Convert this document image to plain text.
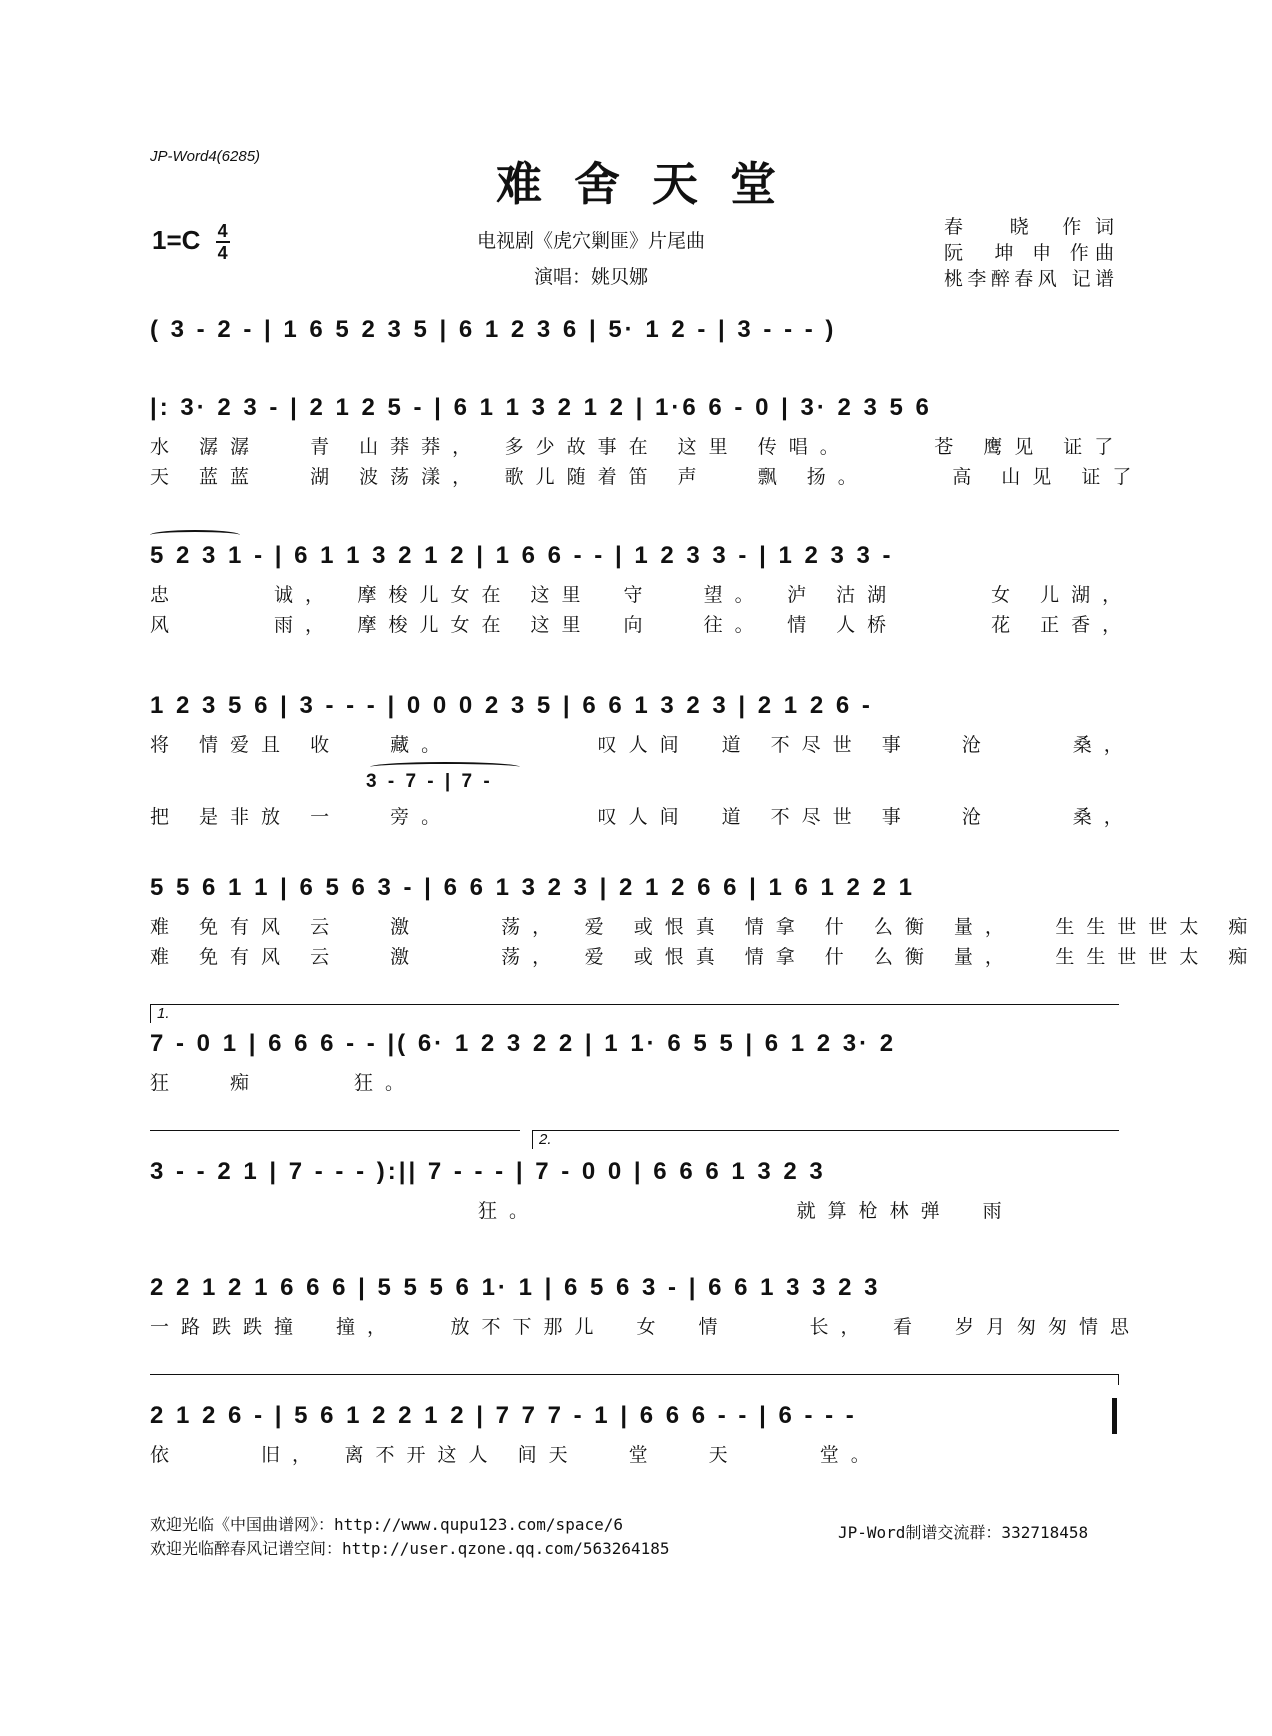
JP-Word4(6285)
难舍天堂
$1=C \frac{4}{4}$	电视剧《虎穴剿匪》片尾曲
演唱：姚贝娜
春　晓 作词
阮　坤 申 作曲
桃李醉春风 记谱
( 3 - 2 - | 1 6 5 2 3 5 | 6 1 2 3 6 | 5· 1 2 - | 3 - - - )
|: 3· 2 3 - | 2 1 2 5 - | 6 1 1 3 2 1 2 | 1·6 6 - 0 | 3· 2 3 5 6
水 潺潺　 青 山莽莽，　多少故事在 这里 传唱。　　　苍 鹰见 证了
天 蓝蓝　 湖 波荡漾，　歌儿随着笛 声　 飘 扬。　　　高 山见 证了
5 2 3 1 - | 6 1 1 3 2 1 2 | 1 6 6 - - | 1 2 3 3 - | 1 2 3 3 -
忠　　　诚，　摩梭儿女在 这里　守　 望。　泸 沽湖　　　女 儿湖，
风　　　雨，　摩梭儿女在 这里　向　 往。　情 人桥　　　花 正香，
1 2 3 5 6 | 3 - - - | 0 0 0 2 3 5 | 6 6 1 3 2 3 | 2 1 2 6 -
将 情爱且 收　 藏。　　　　　叹人间　道 不尽世 事　 沧　　 桑，
3 - 7 - | 7 -
把 是非放 一　 旁。　　　　　叹人间　道 不尽世 事　 沧　　 桑，
5 5 6 1 1 | 6 5 6 3 - | 6 6 1 3 2 3 | 2 1 2 6 6 | 1 6 1 2 2 1
难 免有风 云　 激　　 荡，　爱 或恨真 情拿 什 么衡 量，　 生生世世太 痴
难 免有风 云　 激　　 荡，　爱 或恨真 情拿 什 么衡 量，　 生生世世太 痴
1.
7 - 0 1 | 6 6 6 - - |( 6· 1 2 3 2 2 | 1 1· 6 5 5 | 6 1 2 3· 2
狂　 痴　　　狂。
2.
3 - - 2 1 | 7 - - - ):|| 7 - - - | 7 - 0 0 | 6 6 6 1 3 2 3
　　　　　　　　　　 狂。　　　　　　　　 就算枪林弹　雨
2 2 1 2 1 6 6 6 | 5 5 5 6 1· 1 | 6 5 6 3 - | 6 6 1 3 3 2 3
一路跌跌撞　撞，　　放不下那儿　女　情　　 长，　看　岁月匆匆情思
2 1 2 6 - | 5 6 1 2 2 1 2 | 7 7 7 - 1 | 6 6 6 - - | 6 - - -
依　　 旧，　离不开这人 间天　 堂　 天　　 堂。
欢迎光临《中国曲谱网》：http://www.qupu123.com/space/6
欢迎光临醉春风记谱空间：http://user.qzone.qq.com/563264185
JP-Word制谱交流群：332718458
